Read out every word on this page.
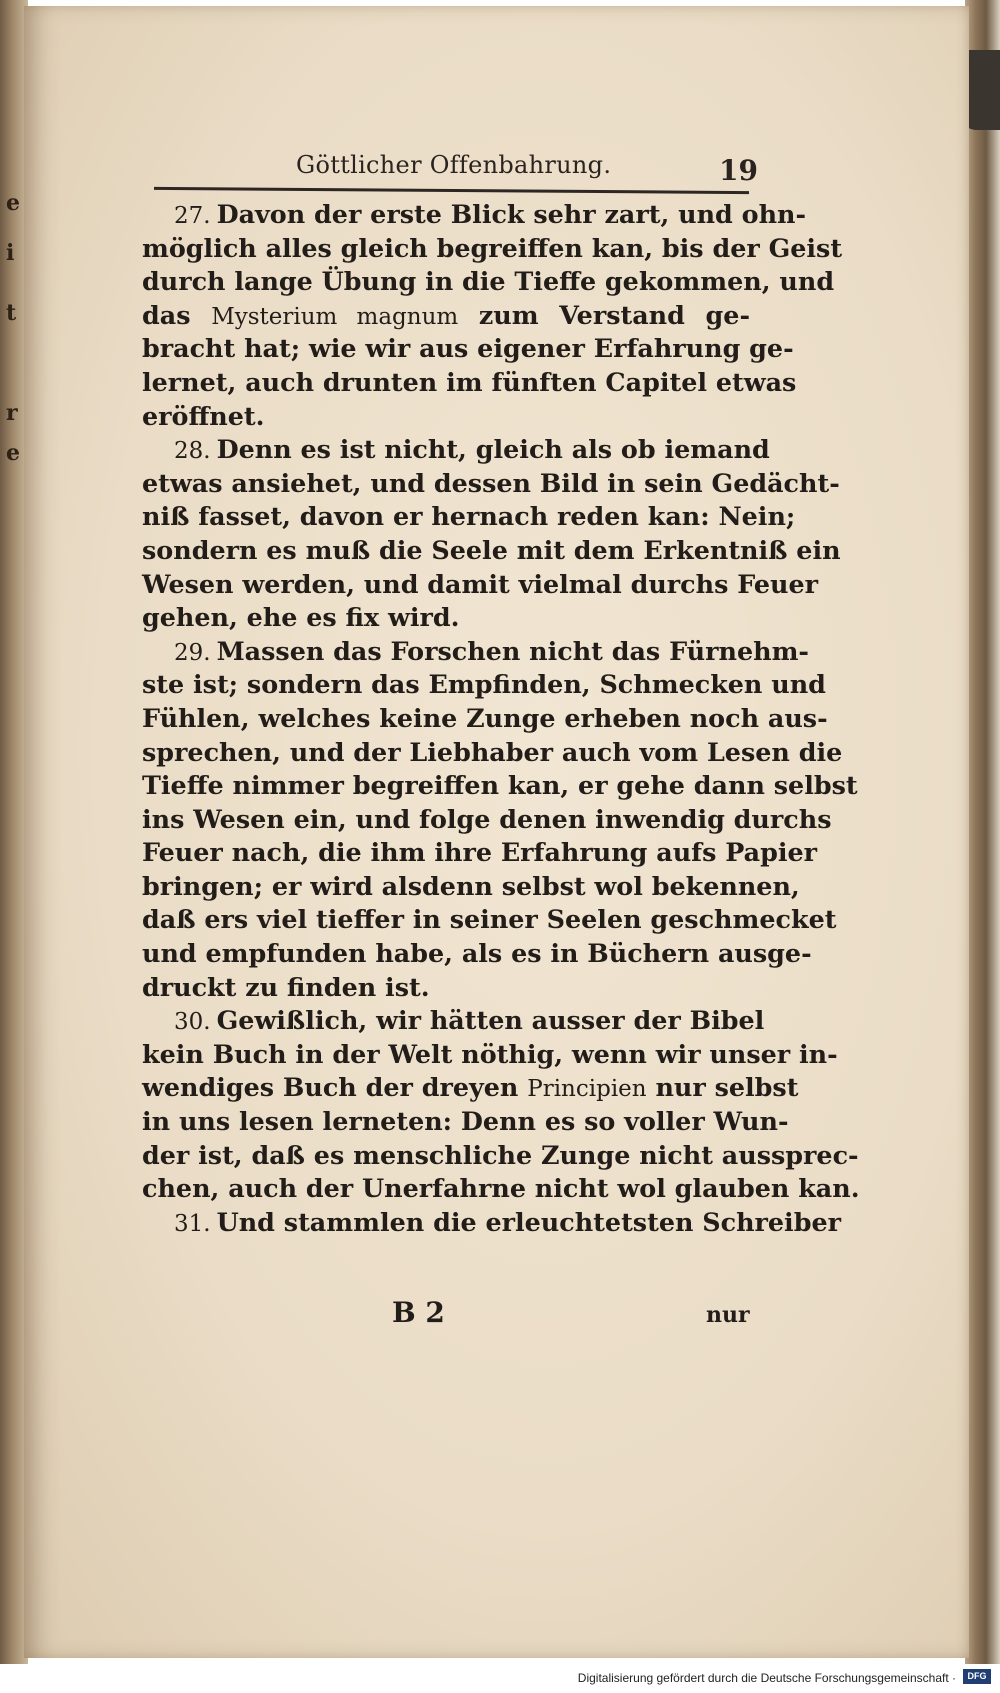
e
i
t
r
e
Göttlicher Offenbahrung.	19
27. Davon der erste Blick sehr zart, und ohn-
möglich alles gleich begreiffen kan, bis der Geist
durch lange Übung in die Tieffe gekommen, und
das Mysterium magnum zum Verstand ge-
bracht hat; wie wir aus eigener Erfahrung ge-
lernet, auch drunten im fünften Capitel etwas
eröffnet.
28. Denn es ist nicht, gleich als ob iemand
etwas ansiehet, und dessen Bild in sein Gedächt-
niß fasset, davon er hernach reden kan: Nein;
sondern es muß die Seele mit dem Erkentniß ein
Wesen werden, und damit vielmal durchs Feuer
gehen, ehe es fix wird.
29. Massen das Forschen nicht das Fürnehm-
ste ist; sondern das Empfinden, Schmecken und
Fühlen, welches keine Zunge erheben noch aus-
sprechen, und der Liebhaber auch vom Lesen die
Tieffe nimmer begreiffen kan, er gehe dann selbst
ins Wesen ein, und folge denen inwendig durchs
Feuer nach, die ihm ihre Erfahrung aufs Papier
bringen; er wird alsdenn selbst wol bekennen,
daß ers viel tieffer in seiner Seelen geschmecket
und empfunden habe, als es in Büchern ausge-
druckt zu finden ist.
30. Gewißlich, wir hätten ausser der Bibel
kein Buch in der Welt nöthig, wenn wir unser in-
wendiges Buch der dreyen Principien nur selbst
in uns lesen lerneten: Denn es so voller Wun-
der ist, daß es menschliche Zunge nicht aussprec-
chen, auch der Unerfahrne nicht wol glauben kan.
31. Und stammlen die erleuchtetsten Schreiber
B 2	nur
Digitalisierung gefördert durch die Deutsche Forschungsgemeinschaft ·	DFG
